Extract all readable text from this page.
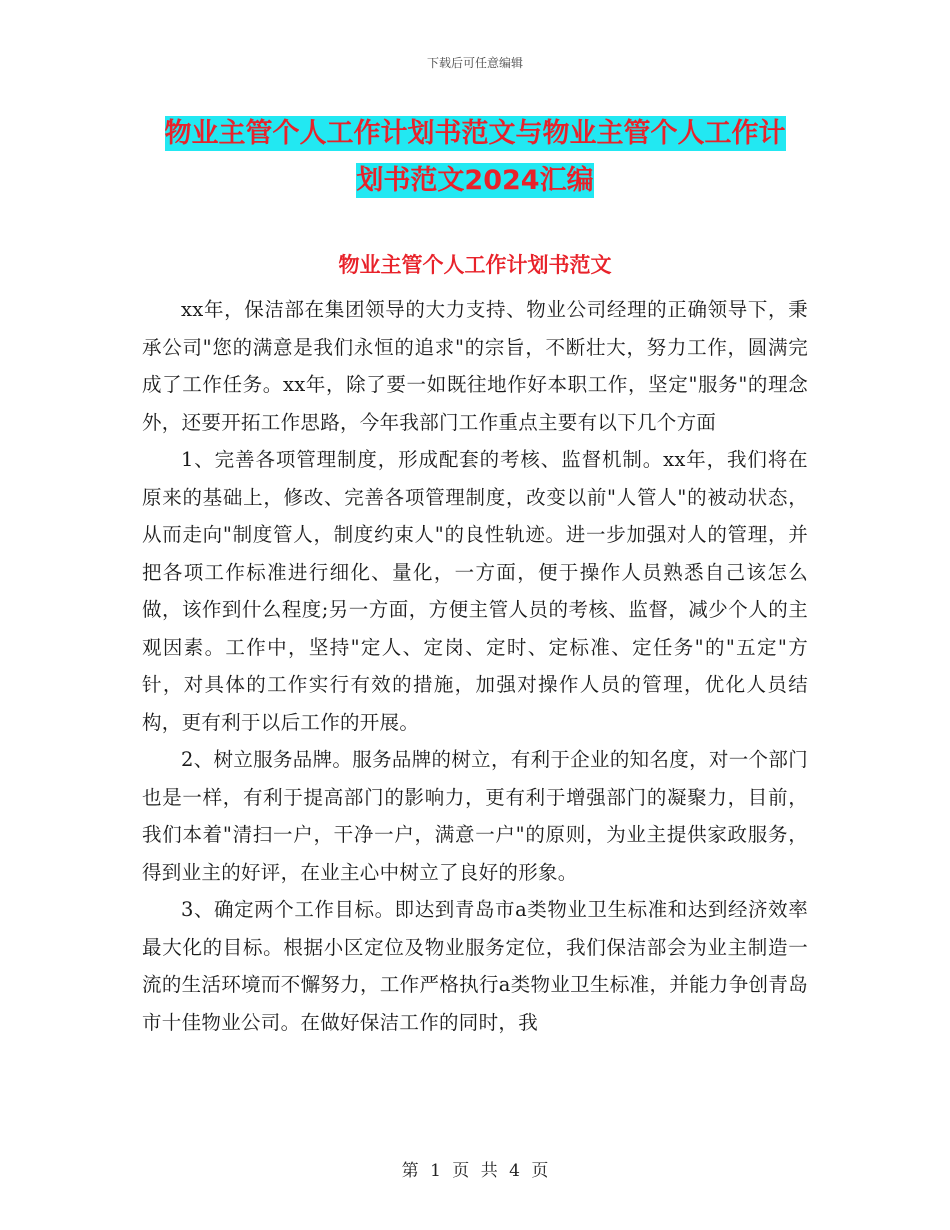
下载后可任意编辑
物业主管个人工作计划书范文与物业主管个人工作计
划书范文2024汇编
物业主管个人工作计划书范文

xx年，保洁部在集团领导的大力支持、物业公司经理的正确领导下，秉承公司"您的满意是我们永恒的追求"的宗旨，不断壮大，努力工作，圆满完成了工作任务。xx年，除了要一如既往地作好本职工作，坚定"服务"的理念外，还要开拓工作思路，今年我部门工作重点主要有以下几个方面

1、完善各项管理制度，形成配套的考核、监督机制。xx年，我们将在原来的基础上，修改、完善各项管理制度，改变以前"人管人"的被动状态，从而走向"制度管人，制度约束人"的良性轨迹。进一步加强对人的管理，并把各项工作标准进行细化、量化，一方面，便于操作人员熟悉自己该怎么做，该作到什么程度;另一方面，方便主管人员的考核、监督，减少个人的主观因素。工作中，坚持"定人、定岗、定时、定标准、定任务"的"五定"方针，对具体的工作实行有效的措施，加强对操作人员的管理，优化人员结构，更有利于以后工作的开展。

2、树立服务品牌。服务品牌的树立，有利于企业的知名度，对一个部门也是一样，有利于提高部门的影响力，更有利于增强部门的凝聚力，目前，我们本着"清扫一户，干净一户，满意一户"的原则，为业主提供家政服务，得到业主的好评，在业主心中树立了良好的形象。

3、确定两个工作目标。即达到青岛市a类物业卫生标准和达到经济效率最大化的目标。根据小区定位及物业服务定位，我们保洁部会为业主制造一流的生活环境而不懈努力，工作严格执行a类物业卫生标准，并能力争创青岛市十佳物业公司。在做好保洁工作的同时，我

第 1 页 共 4 页
